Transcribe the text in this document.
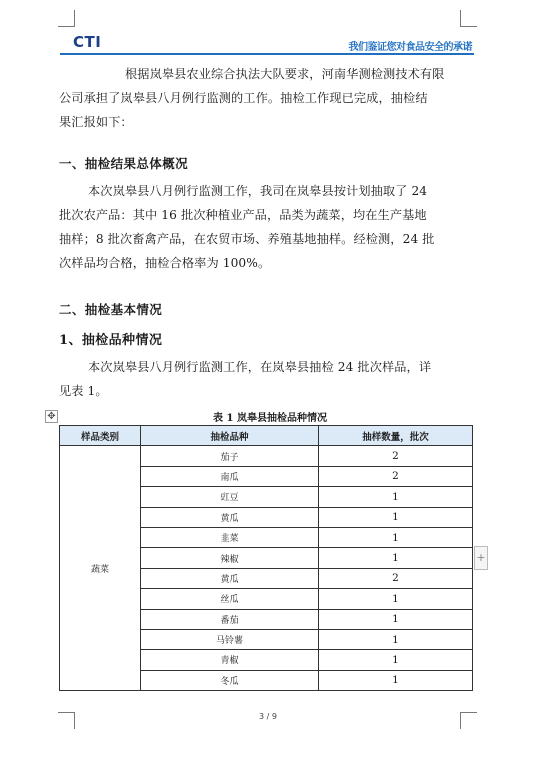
CTI	我们鉴证您对食品安全的承诺
根据岚皋县农业综合执法大队要求，河南华测检测技术有限
公司承担了岚皋县八月例行监测的工作。抽检工作现已完成，抽检结
果汇报如下：
一、抽检结果总体概况
本次岚皋县八月例行监测工作，我司在岚皋县按计划抽取了 24
批次农产品：其中 16 批次种植业产品，品类为蔬菜，均在生产基地
抽样；8 批次畜禽产品，在农贸市场、养殖基地抽样。经检测，24 批
次样品均合格，抽检合格率为 100%。
二、抽检基本情况
1、抽检品种情况
本次岚皋县八月例行监测工作，在岚皋县抽检 24 批次样品，详
见表 1。
✥	表 1 岚皋县抽检品种情况
样品类别	抽检品种	抽样数量，批次
蔬菜	茄子	2
	南瓜	2
	豇豆	1
	黄瓜	1
	韭菜	1
	辣椒	1
	黄瓜	2
	丝瓜	1
	番茄	1
	马铃薯	1
	青椒	1
	冬瓜	1
+
3 / 9
